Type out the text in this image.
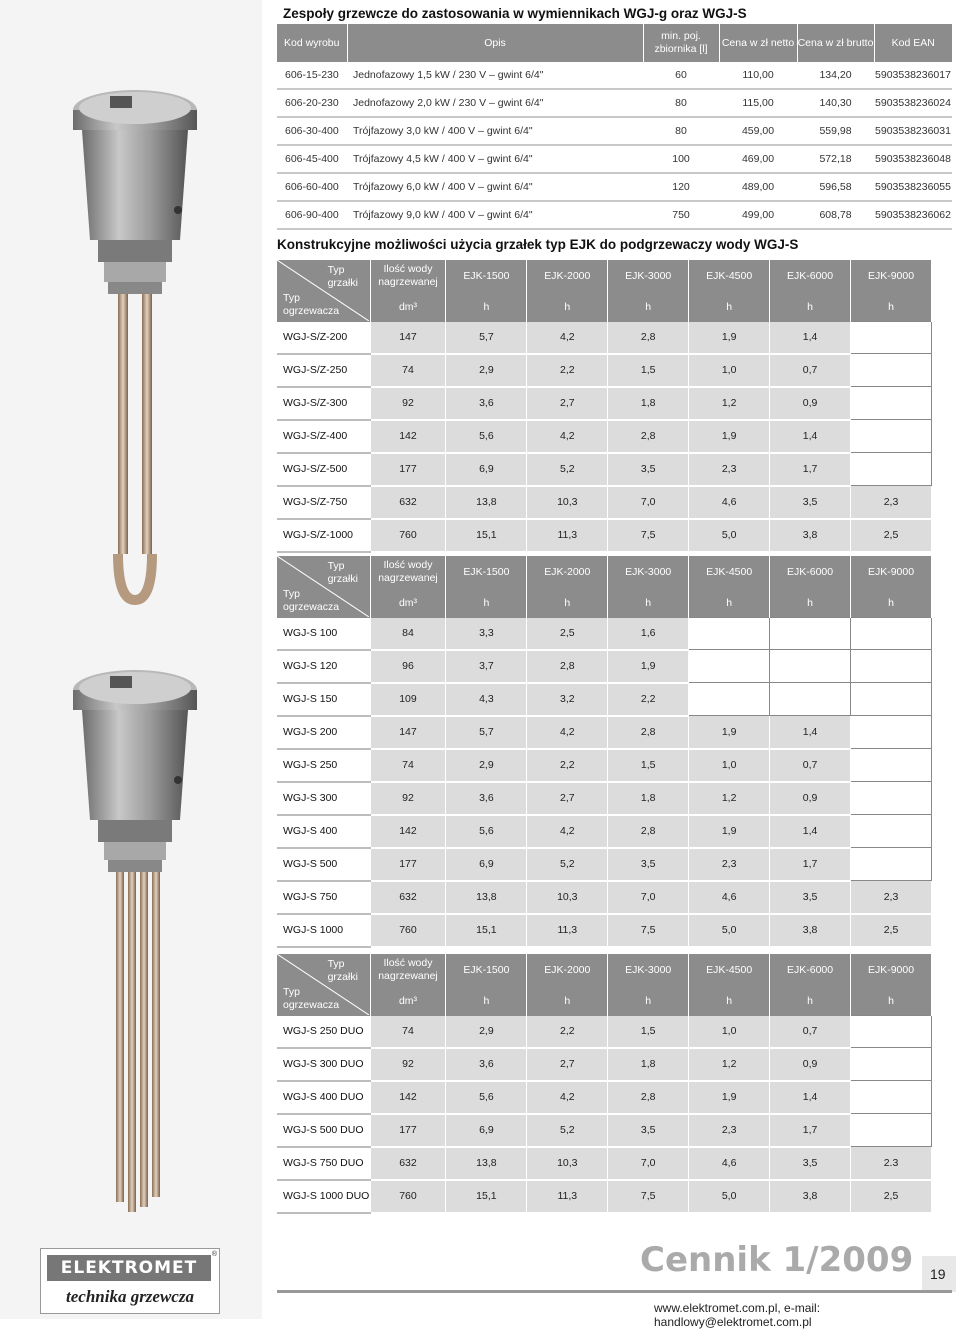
Zespoły grzewcze do zastosowania w wymiennikach WGJ-g oraz WGJ-S
Kod wyrobu	Opis	min. poj. zbiornika [l]	Cena w zł netto	Cena w zł brutto	Kod EAN
606-15-230	Jednofazowy 1,5 kW / 230 V – gwint 6/4"	60	110,00	134,20	5903538236017
606-20-230	Jednofazowy 2,0 kW / 230 V – gwint 6/4"	80	115,00	140,30	5903538236024
606-30-400	Trójfazowy 3,0 kW / 400 V – gwint 6/4"	80	459,00	559,98	5903538236031
606-45-400	Trójfazowy 4,5 kW / 400 V – gwint 6/4"	100	469,00	572,18	5903538236048
606-60-400	Trójfazowy 6,0 kW / 400 V – gwint 6/4"	120	489,00	596,58	5903538236055
606-90-400	Trójfazowy 9,0 kW / 400 V – gwint 6/4"	750	499,00	608,78	5903538236062
Konstrukcyjne możliwości użycia grzałek typ EJK do podgrzewaczy wody WGJ-S
Typ grzałki
Typ ogrzewacza	Ilość wody nagrzewanej	EJK-1500	EJK-2000	EJK-3000	EJK-4500	EJK-6000	EJK-9000
	dm³	h	h	h	h	h	h
WGJ-S/Z-200	147	5,7	4,2	2,8	1,9	1,4	
WGJ-S/Z-250	74	2,9	2,2	1,5	1,0	0,7	
WGJ-S/Z-300	92	3,6	2,7	1,8	1,2	0,9	
WGJ-S/Z-400	142	5,6	4,2	2,8	1,9	1,4	
WGJ-S/Z-500	177	6,9	5,2	3,5	2,3	1,7	
WGJ-S/Z-750	632	13,8	10,3	7,0	4,6	3,5	2,3
WGJ-S/Z-1000	760	15,1	11,3	7,5	5,0	3,8	2,5
Typ grzałki
Typ ogrzewacza	Ilość wody nagrzewanej	EJK-1500	EJK-2000	EJK-3000	EJK-4500	EJK-6000	EJK-9000
	dm³	h	h	h	h	h	h
WGJ-S 100	84	3,3	2,5	1,6			
WGJ-S 120	96	3,7	2,8	1,9			
WGJ-S 150	109	4,3	3,2	2,2			
WGJ-S 200	147	5,7	4,2	2,8	1,9	1,4	
WGJ-S 250	74	2,9	2,2	1,5	1,0	0,7	
WGJ-S 300	92	3,6	2,7	1,8	1,2	0,9	
WGJ-S 400	142	5,6	4,2	2,8	1,9	1,4	
WGJ-S 500	177	6,9	5,2	3,5	2,3	1,7	
WGJ-S 750	632	13,8	10,3	7,0	4,6	3,5	2,3
WGJ-S 1000	760	15,1	11,3	7,5	5,0	3,8	2,5
Typ grzałki
Typ ogrzewacza	Ilość wody nagrzewanej	EJK-1500	EJK-2000	EJK-3000	EJK-4500	EJK-6000	EJK-9000
	dm³	h	h	h	h	h	h
WGJ-S 250 DUO	74	2,9	2,2	1,5	1,0	0,7	
WGJ-S 300 DUO	92	3,6	2,7	1,8	1,2	0,9	
WGJ-S 400 DUO	142	5,6	4,2	2,8	1,9	1,4	
WGJ-S 500 DUO	177	6,9	5,2	3,5	2,3	1,7	
WGJ-S 750 DUO	632	13,8	10,3	7,0	4,6	3,5	2.3
WGJ-S 1000 DUO	760	15,1	11,3	7,5	5,0	3,8	2,5
ELEKTROMET
®
technika grzewcza
Cennik 1/2009 19
www.elektromet.com.pl, e-mail: handlowy@elektromet.com.pl
